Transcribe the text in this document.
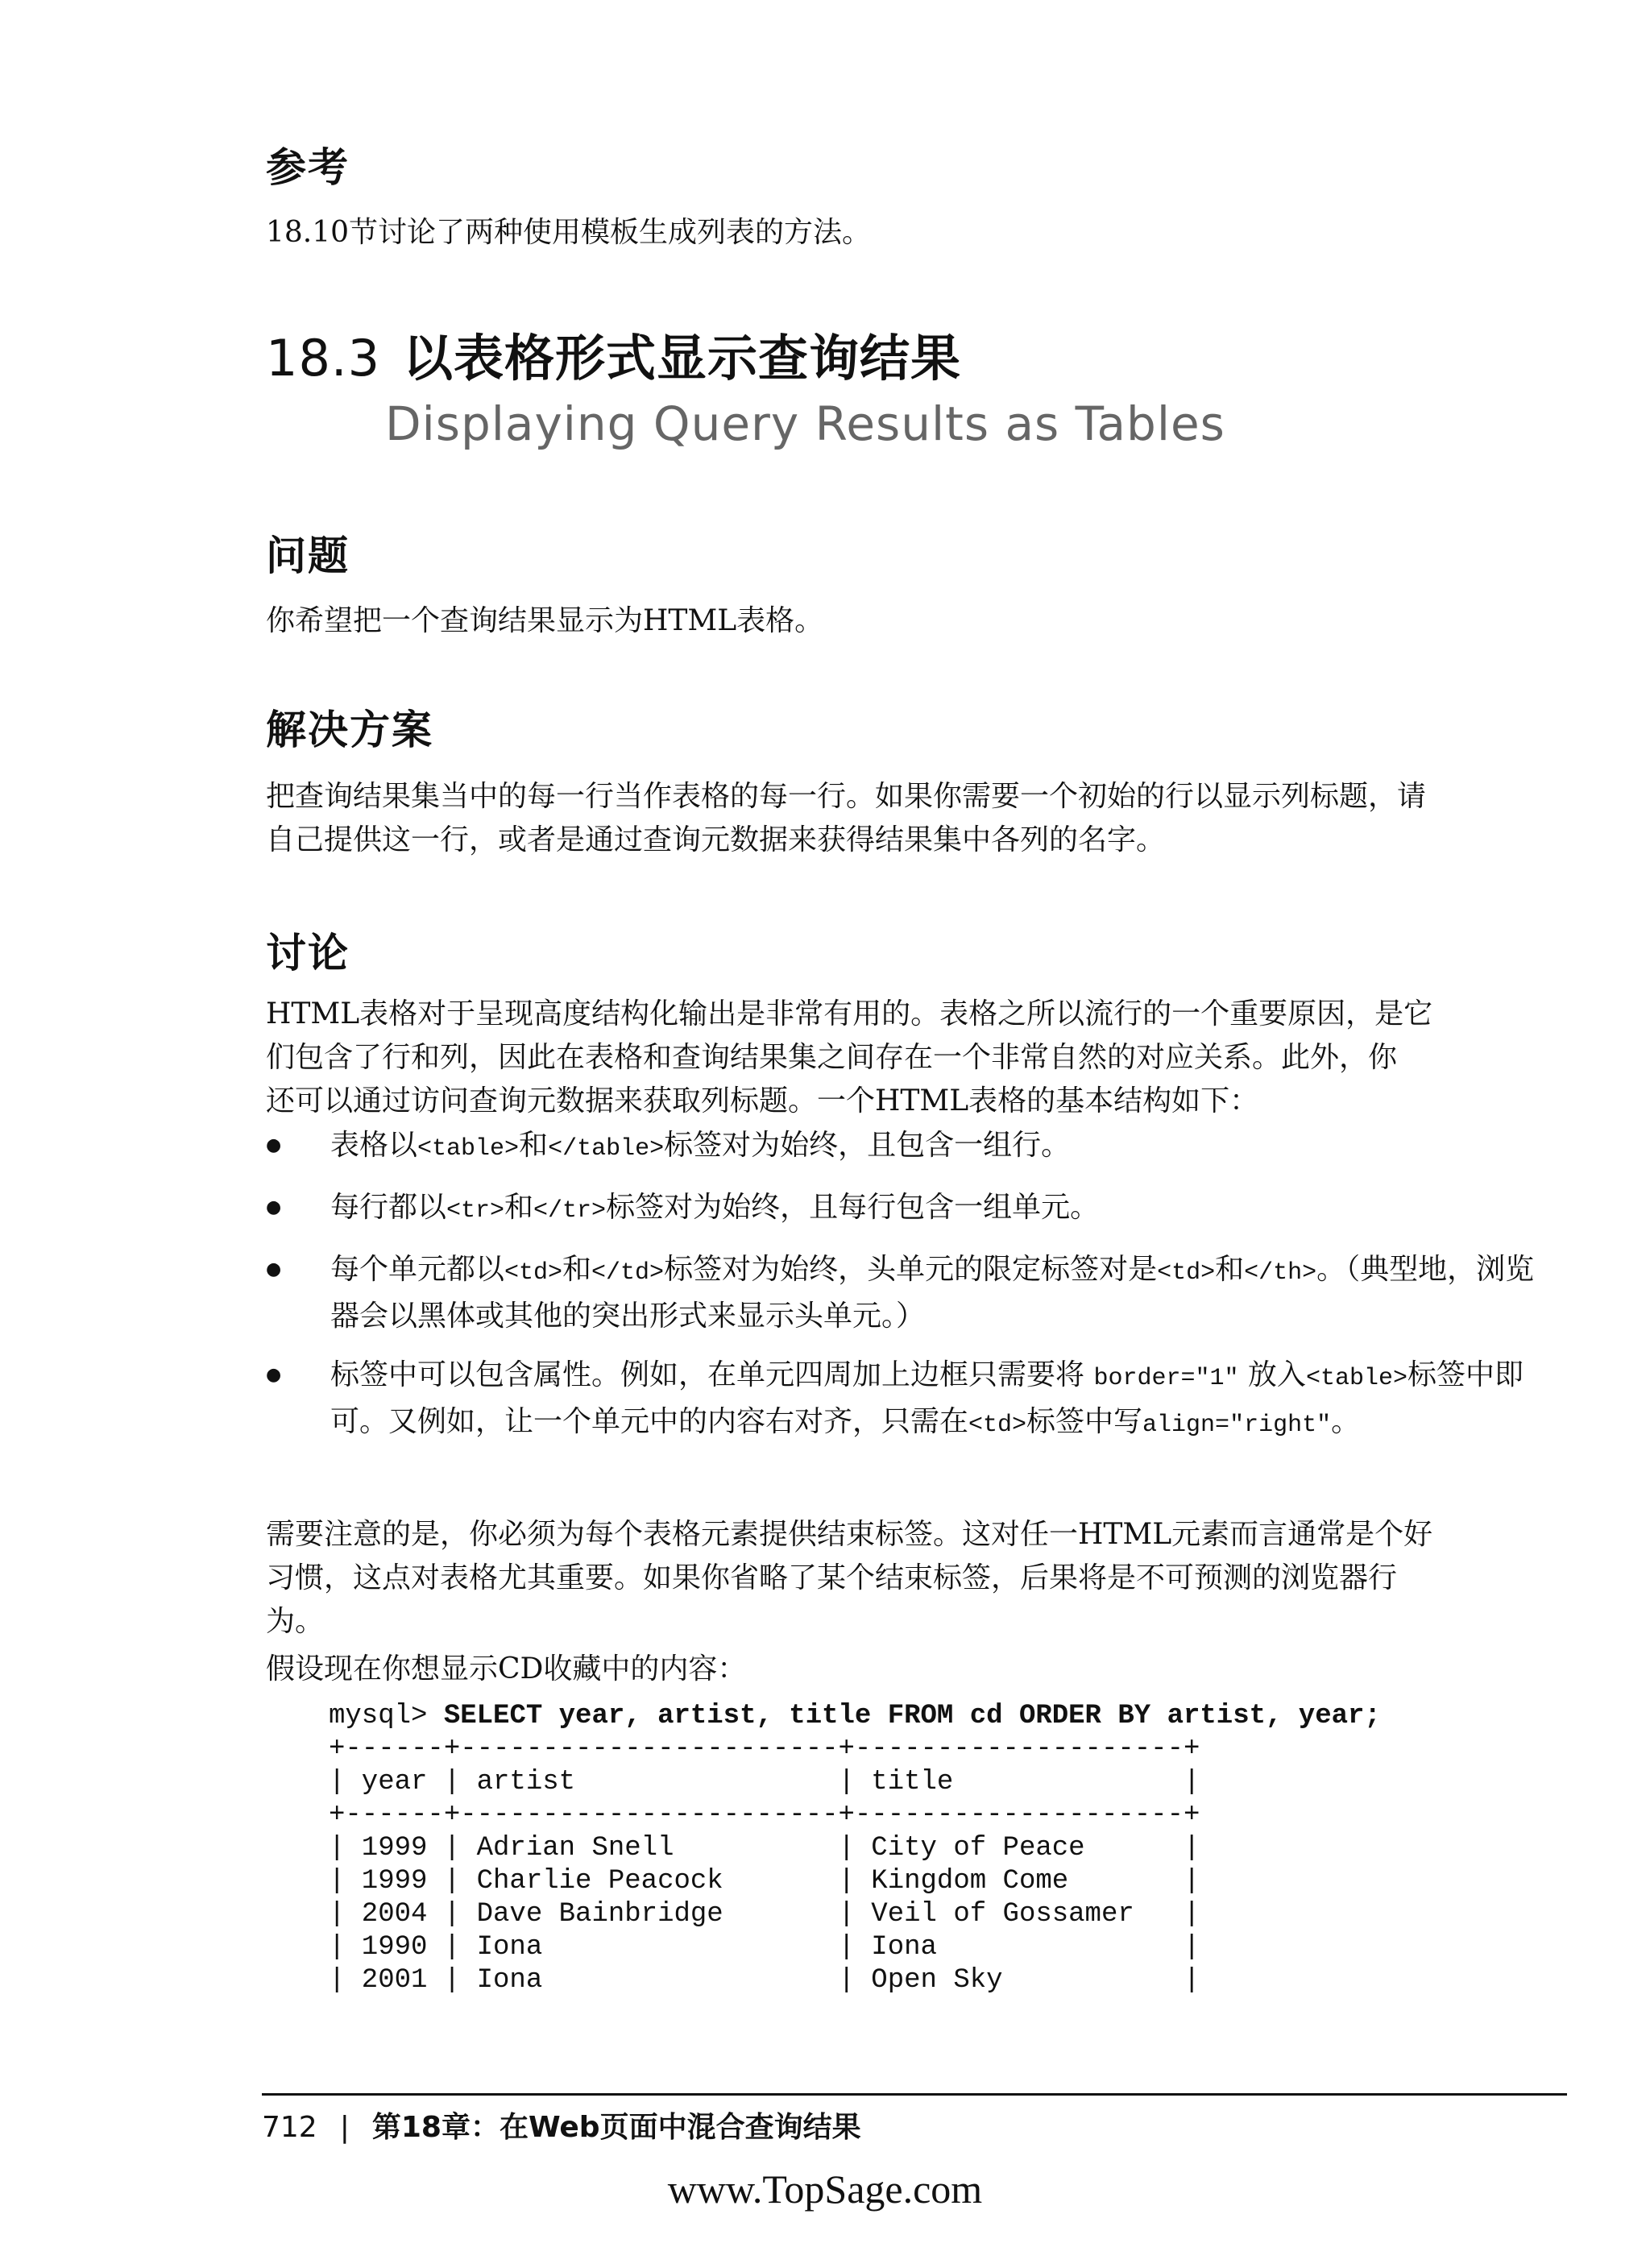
参考
18.10节讨论了两种使用模板生成列表的方法。
18.3 以表格形式显示查询结果
Displaying Query Results as Tables
问题
你希望把一个查询结果显示为HTML表格。
解决方案
把查询结果集当中的每一行当作表格的每一行。如果你需要一个初始的行以显示列标题，请
自己提供这一行，或者是通过查询元数据来获得结果集中各列的名字。
讨论
HTML表格对于呈现高度结构化输出是非常有用的。表格之所以流行的一个重要原因，是它
们包含了行和列，因此在表格和查询结果集之间存在一个非常自然的对应关系。此外，你
还可以通过访问查询元数据来获取列标题。一个HTML表格的基本结构如下：
● 表格以<table>和</table>标签对为始终，且包含一组行。
● 每行都以<tr>和</tr>标签对为始终，且每行包含一组单元。
● 每个单元都以<td>和</td>标签对为始终，头单元的限定标签对是<td>和</th>。（典型地，浏览器会以黑体或其他的突出形式来显示头单元。）
● 标签中可以包含属性。例如，在单元四周加上边框只需要将 border="1" 放入<table>标签中即可。又例如，让一个单元中的内容右对齐，只需在<td>标签中写align="right"。
需要注意的是，你必须为每个表格元素提供结束标签。这对任一HTML元素而言通常是个好
习惯，这点对表格尤其重要。如果你省略了某个结束标签，后果将是不可预测的浏览器行
为。
假设现在你想显示CD收藏中的内容：
mysql> SELECT year, artist, title FROM cd ORDER BY artist, year;
+------+-----------------------+--------------------+
| year | artist                | title              |
+------+-----------------------+--------------------+
| 1999 | Adrian Snell          | City of Peace      |
| 1999 | Charlie Peacock       | Kingdom Come       |
| 2004 | Dave Bainbridge       | Veil of Gossamer   |
| 1990 | Iona                  | Iona               |
| 2001 | Iona                  | Open Sky           |

712 | 第18章：在Web页面中混合查询结果
www.TopSage.com
